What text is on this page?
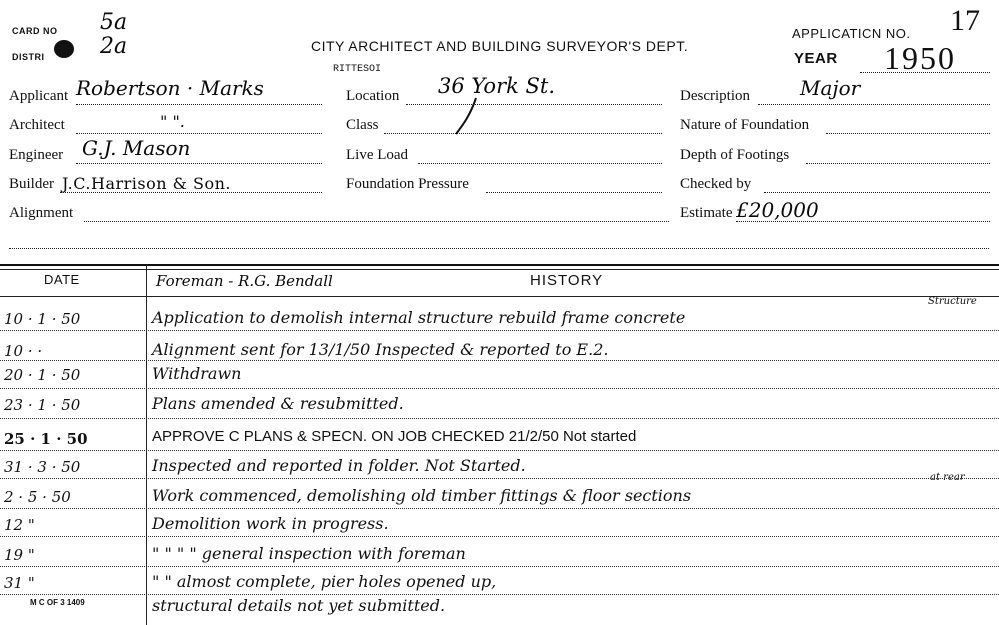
CARD NO 5a
DISTRI	2a	CITY ARCHITECT AND BUILDING SURVEYOR'S DEPT.
APPLICATICN NO. 17
YEAR 1950
RITTESOI
Applicant Robertson · Marks
Architect	" ".
Engineer G.J. Mason
Builder J.C.Harrison & Son.
Alignment
Location 36 York St.
Class
Live Load
Foundation Pressure
Description	Major
Nature of Foundation
Depth of Footings
Checked by
Estimate £20,000
DATE	HISTORY
Foreman - R.G. Bendall
Structure
at rear
10 · 1 · 50	Application to demolish internal structure rebuild frame concrete
10 · ·	Alignment sent for 13/1/50 Inspected & reported to E.2.
20 · 1 · 50	Withdrawn
23 · 1 · 50	Plans amended & resubmitted.
25 · 1 · 50	APPROVE C PLANS & SPECN. ON JOB CHECKED 21/2/50 Not started
31 · 3 · 50	Inspected and reported in folder. Not Started.
2 · 5 · 50	Work commenced, demolishing old timber fittings & floor sections
12 "	Demolition work in progress.
19 "	" " " " general inspection with foreman
31 "	" " almost complete, pier holes opened up,
M C OF 3 1409	structural details not yet submitted.
